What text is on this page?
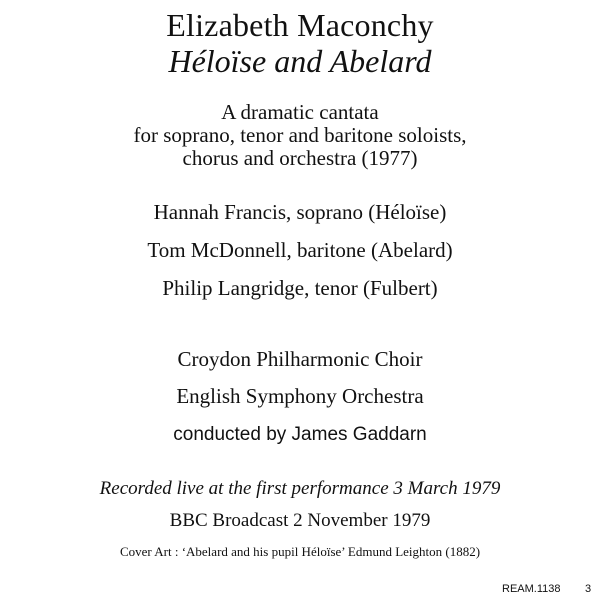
Elizabeth Maconchy
Héloïse and Abelard
A dramatic cantata
for soprano, tenor and baritone soloists,
chorus and orchestra (1977)
Hannah Francis, soprano (Héloïse)
Tom McDonnell, baritone (Abelard)
Philip Langridge, tenor (Fulbert)
Croydon Philharmonic Choir
English Symphony Orchestra
conducted by James Gaddarn
Recorded live at the first performance 3 March 1979
BBC Broadcast 2 November 1979
Cover Art : ‘Abelard and his pupil Héloïse’ Edmund Leighton (1882)
REAM.1138 3
